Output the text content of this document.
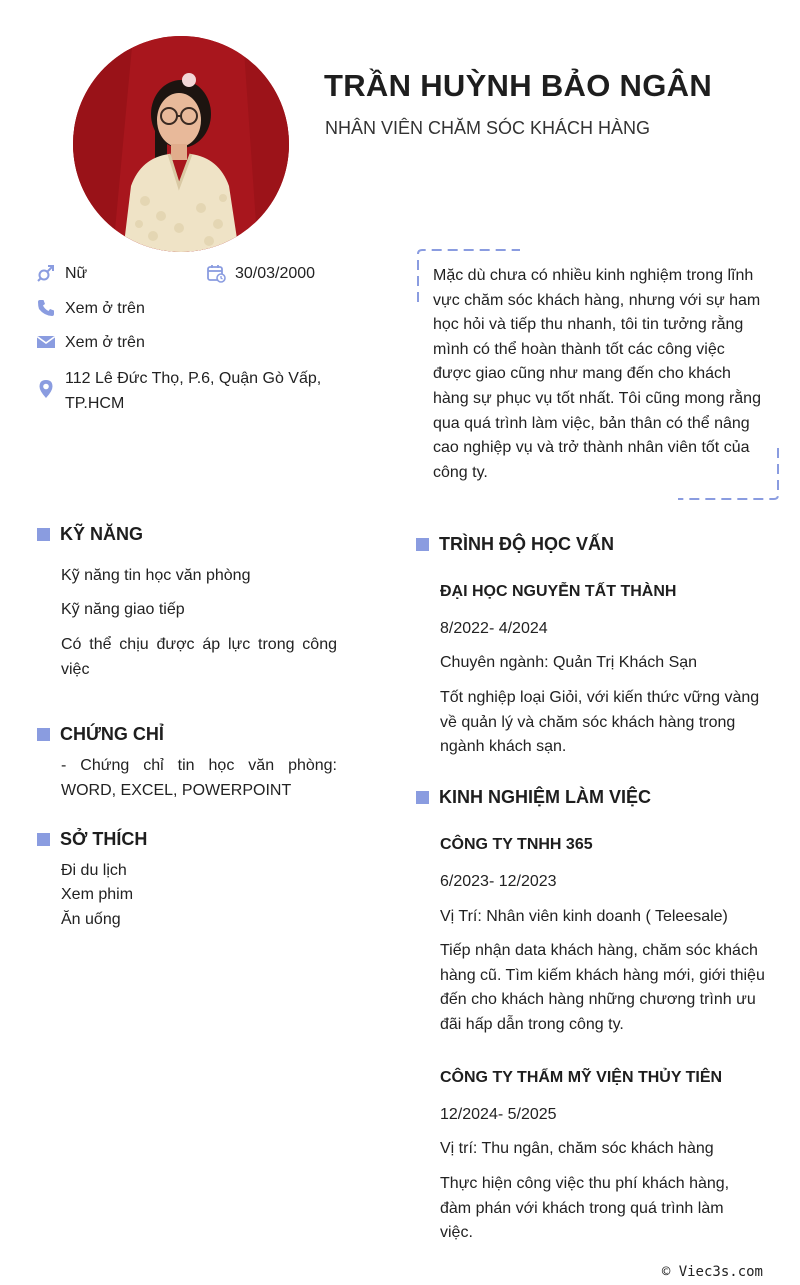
TRẦN HUỲNH BẢO NGÂN
NHÂN VIÊN CHĂM SÓC KHÁCH HÀNG
Nữ	30/03/2000
Xem ở trên
Xem ở trên
112 Lê Đức Thọ, P.6, Quận Gò Vấp,
TP.HCM
Mặc dù chưa có nhiều kinh nghiệm trong lĩnh vực chăm sóc khách hàng, nhưng với sự ham học hỏi và tiếp thu nhanh, tôi tin tưởng rằng mình có thể hoàn thành tốt các công việc được giao cũng như mang đến cho khách hàng sự phục vụ tốt nhất. Tôi cũng mong rằng qua quá trình làm việc, bản thân có thể nâng cao nghiệp vụ và trở thành nhân viên tốt của công ty.
KỸ NĂNG
Kỹ năng tin học văn phòng
Kỹ năng giao tiếp
Có thể chịu được áp lực trong công việc
CHỨNG CHỈ
- Chứng chỉ tin học văn phòng: WORD, EXCEL, POWERPOINT
SỞ THÍCH
Đi du lịch
Xem phim
Ăn uống
TRÌNH ĐỘ HỌC VẤN
ĐẠI HỌC NGUYỄN TẤT THÀNH
8/2022- 4/2024
Chuyên ngành: Quản Trị Khách Sạn
Tốt nghiệp loại Giỏi, với kiến thức vững vàng về quản lý và chăm sóc khách hàng trong ngành khách sạn.
KINH NGHIỆM LÀM VIỆC
CÔNG TY TNHH 365
6/2023- 12/2023
Vị Trí: Nhân viên kinh doanh ( Teleesale)
Tiếp nhận data khách hàng, chăm sóc khách hàng cũ. Tìm kiếm khách hàng mới, giới thiệu đến cho khách hàng những chương trình ưu đãi hấp dẫn trong công ty.
CÔNG TY THẨM MỸ VIỆN THỦY TIÊN
12/2024- 5/2025
Vị trí: Thu ngân, chăm sóc khách hàng
Thực hiện công việc thu phí khách hàng, đàm phán với khách trong quá trình làm việc.
© Viec3s.com
